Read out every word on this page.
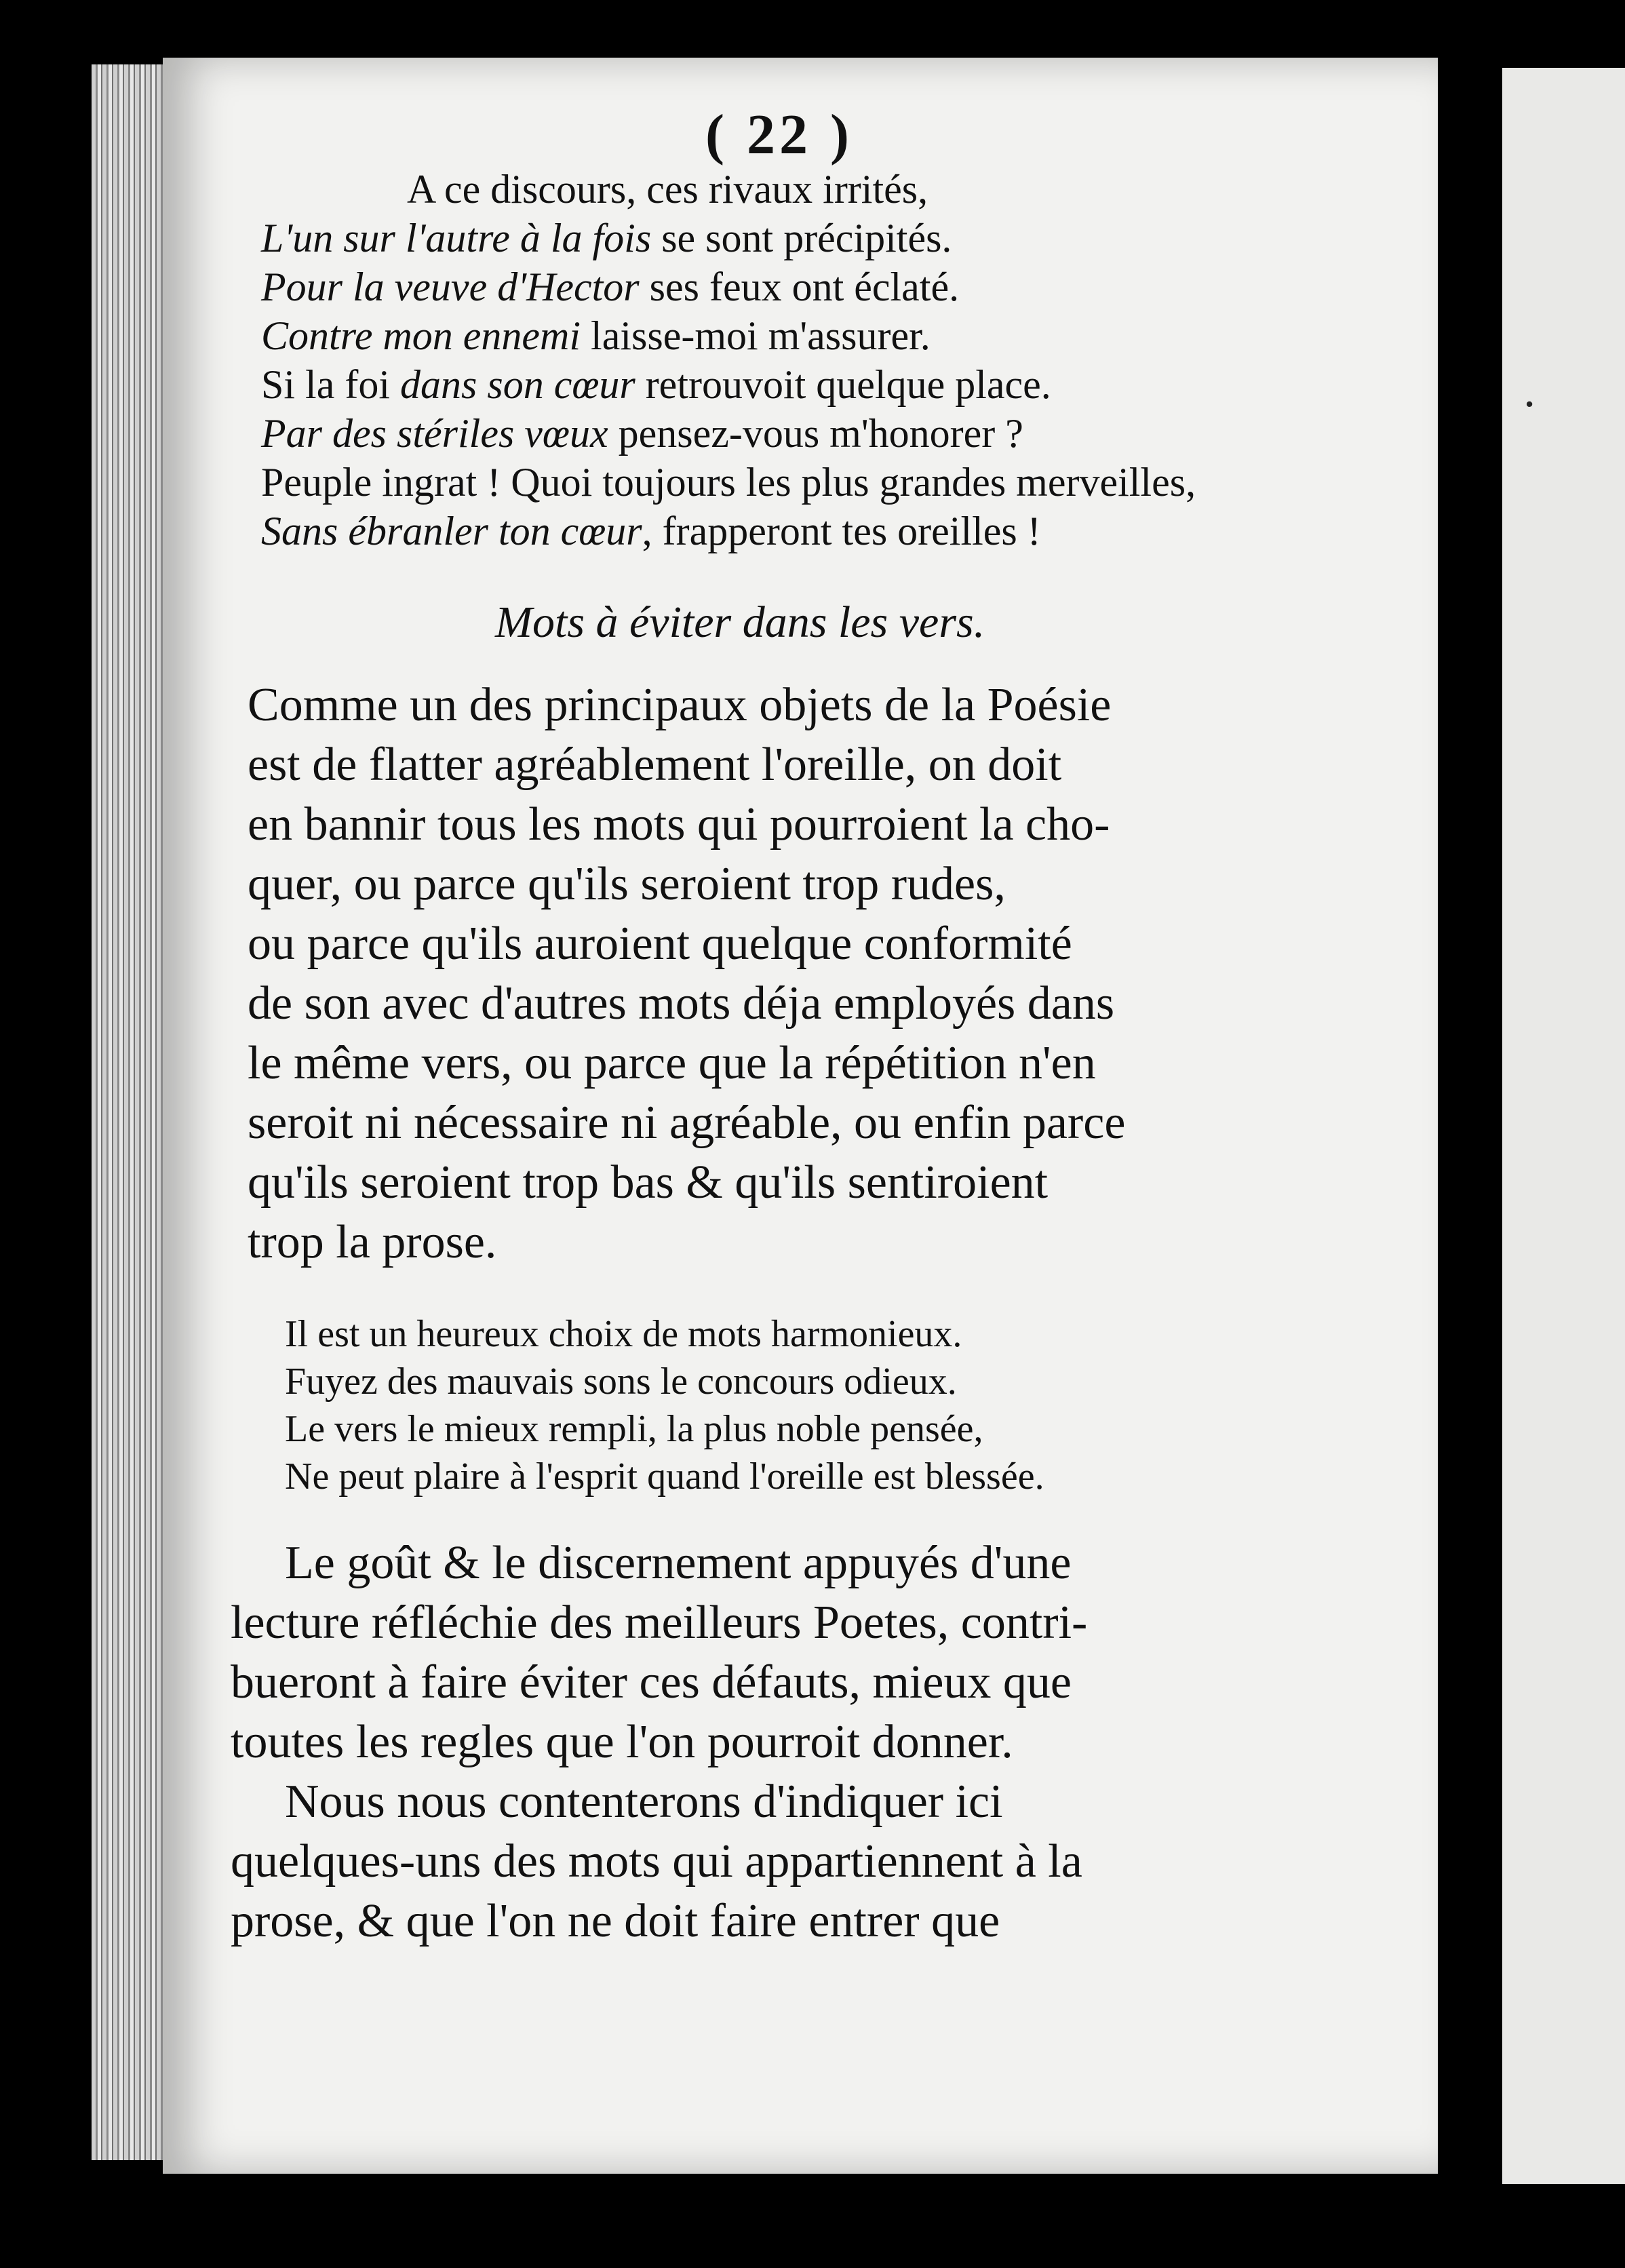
·

( 22 )
A ce discours, ces rivaux irrités,
L'un sur l'autre à la fois se sont précipités.
Pour la veuve d'Hector ses feux ont éclaté.
Contre mon ennemi laisse-moi m'assurer.
Si la foi dans son cœur retrouvoit quelque place.
Par des stériles vœux pensez-vous m'honorer ?
Peuple ingrat ! Quoi toujours les plus grandes merveilles,
Sans ébranler ton cœur, frapperont tes oreilles !
Mots à éviter dans les vers.
Comme un des principaux objets de la Poésie
est de flatter agréablement l'oreille, on doit
en bannir tous les mots qui pourroient la cho-
quer, ou parce qu'ils seroient trop rudes,
ou parce qu'ils auroient quelque conformité
de son avec d'autres mots déja employés dans
le même vers, ou parce que la répétition n'en
seroit ni nécessaire ni agréable, ou enfin parce
qu'ils seroient trop bas & qu'ils sentiroient
trop la prose.
Il est un heureux choix de mots harmonieux.
Fuyez des mauvais sons le concours odieux.
Le vers le mieux rempli, la plus noble pensée,
Ne peut plaire à l'esprit quand l'oreille est blessée.
Le goût & le discernement appuyés d'une
lecture réfléchie des meilleurs Poetes, contri-
bueront à faire éviter ces défauts, mieux que
toutes les regles que l'on pourroit donner.
Nous nous contenterons d'indiquer ici
quelques-uns des mots qui appartiennent à la
prose, & que l'on ne doit faire entrer que
